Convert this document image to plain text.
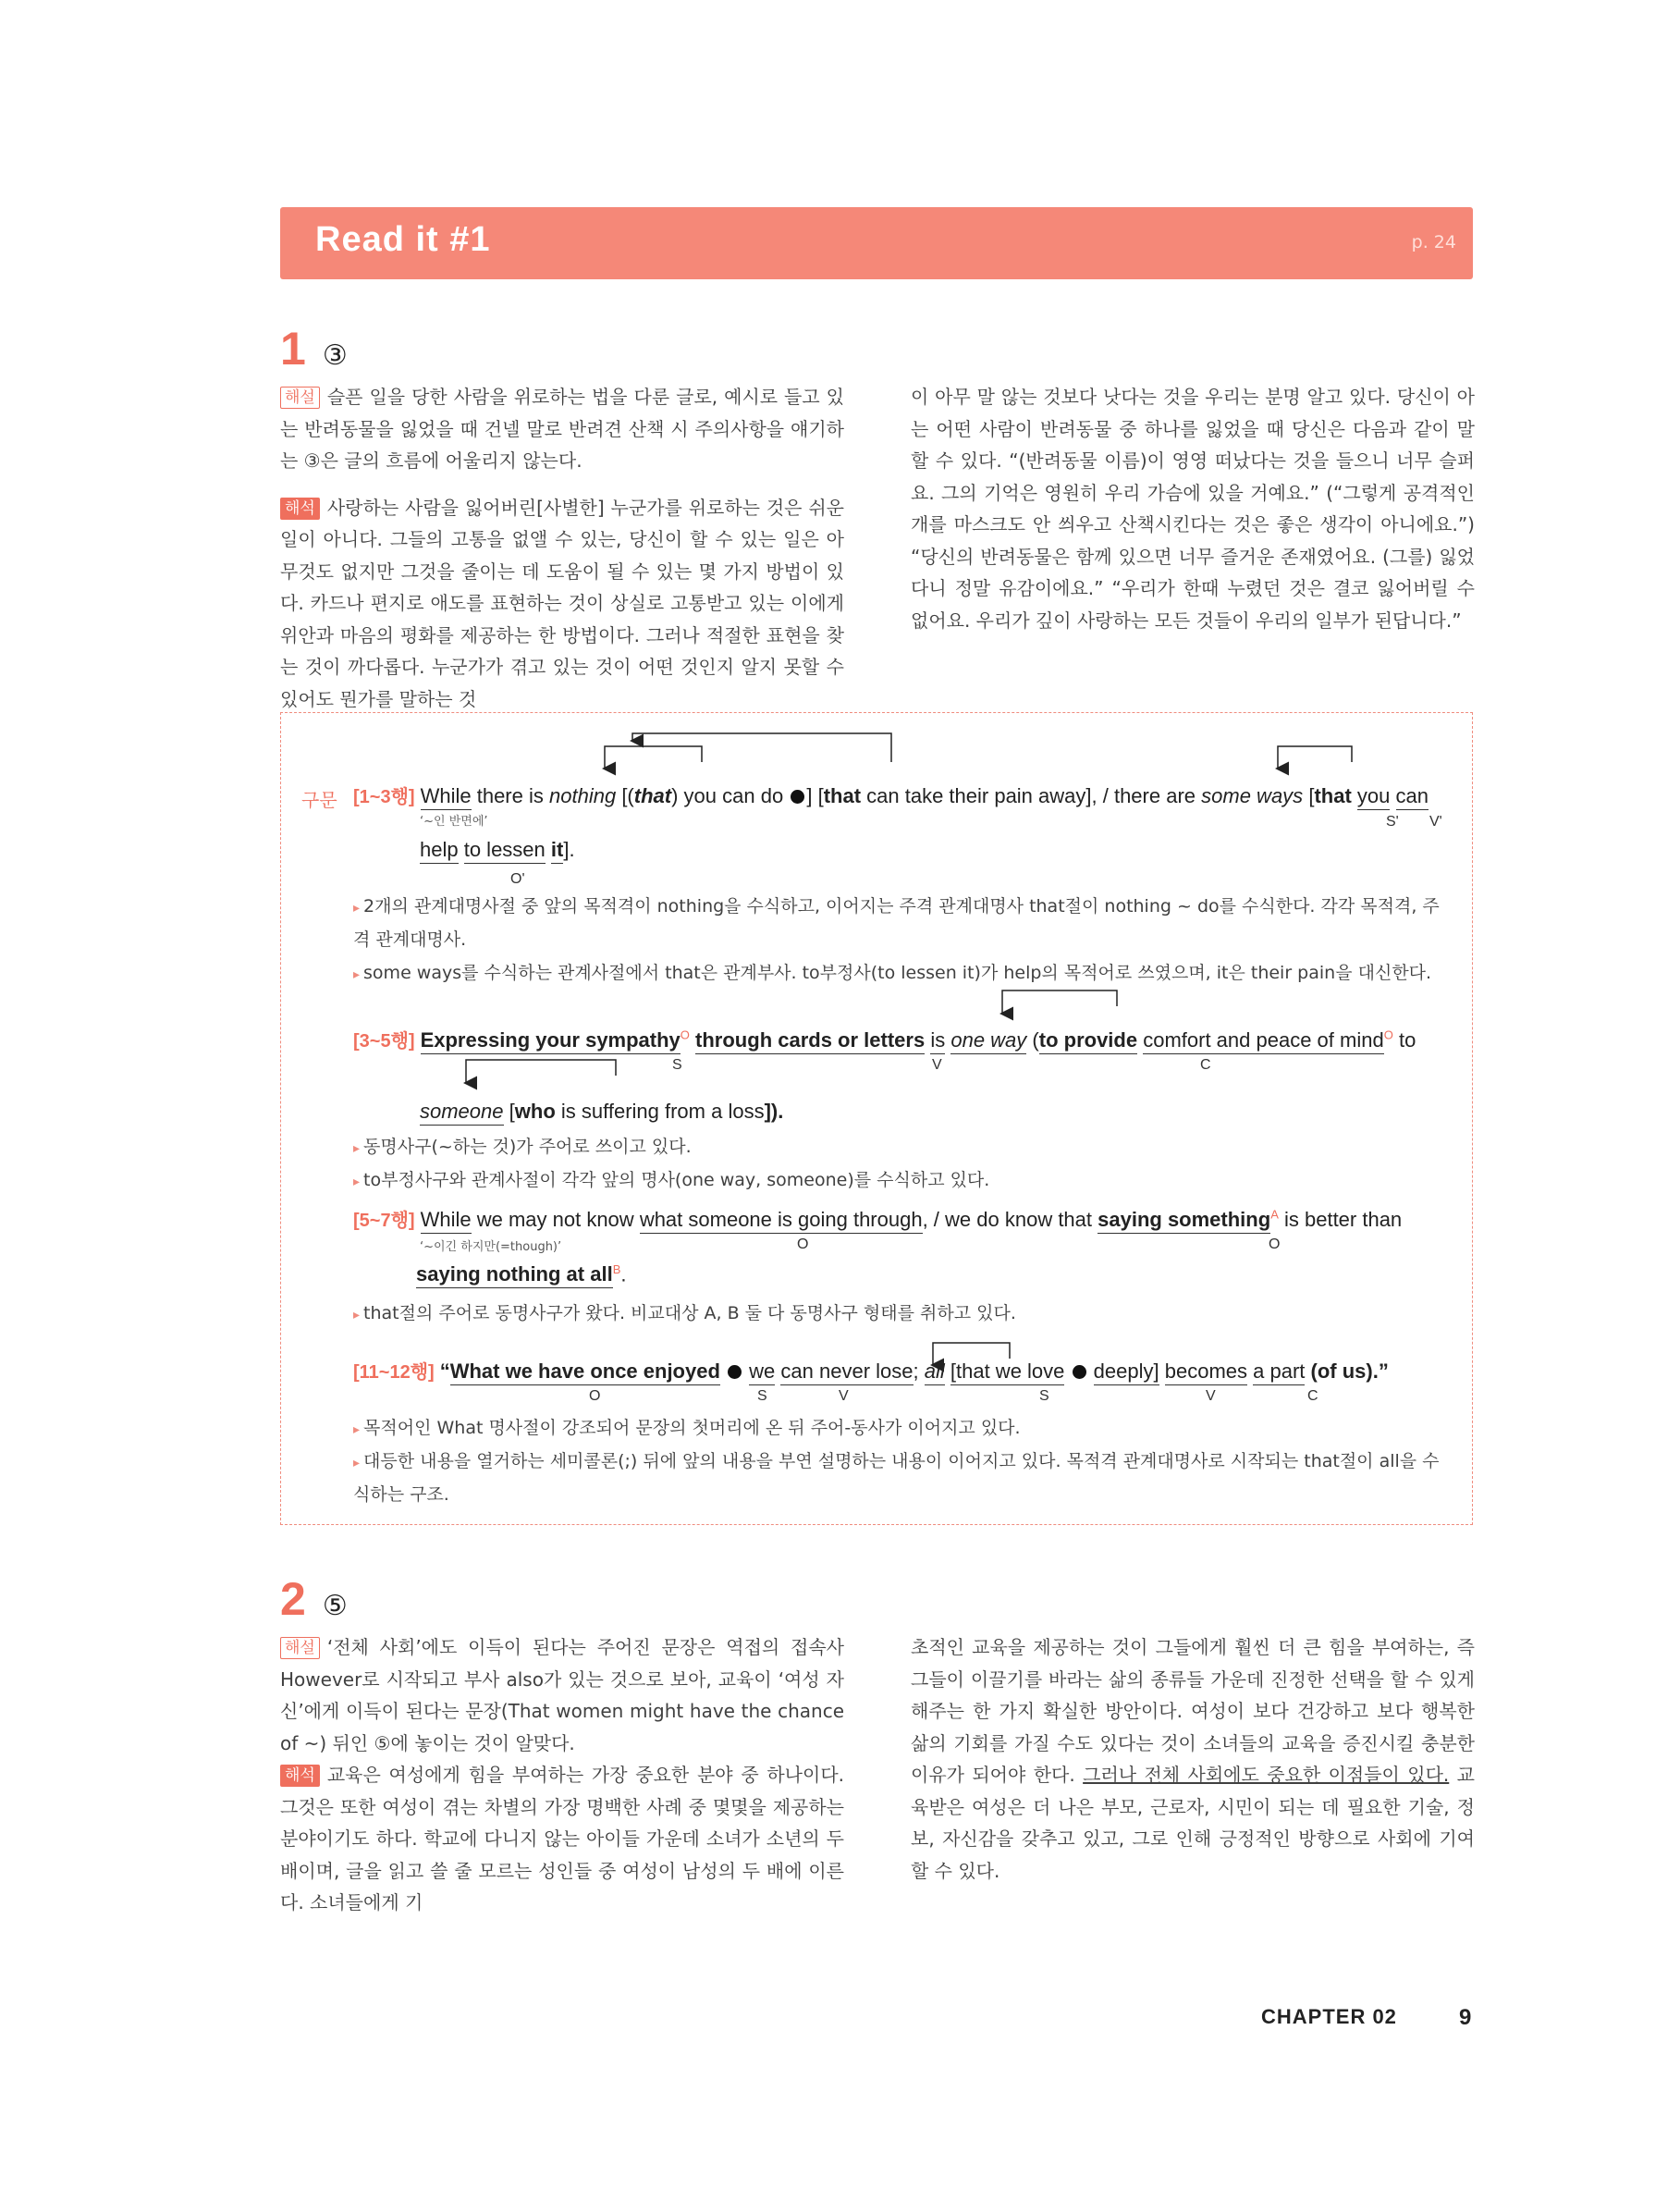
Read it #1	p. 24
1 ③

해설 슬픈 일을 당한 사람을 위로하는 법을 다룬 글로, 예시로 들고 있는 반려동물을 잃었을 때 건넬 말로 반려견 산책 시 주의사항을 얘기하는 ③은 글의 흐름에 어울리지 않는다.

해석 사랑하는 사람을 잃어버린[사별한] 누군가를 위로하는 것은 쉬운 일이 아니다. 그들의 고통을 없앨 수 있는, 당신이 할 수 있는 일은 아무것도 없지만 그것을 줄이는 데 도움이 될 수 있는 몇 가지 방법이 있다. 카드나 편지로 애도를 표현하는 것이 상실로 고통받고 있는 이에게 위안과 마음의 평화를 제공하는 한 방법이다. 그러나 적절한 표현을 찾는 것이 까다롭다. 누군가가 겪고 있는 것이 어떤 것인지 알지 못할 수 있어도 뭔가를 말하는 것

이 아무 말 않는 것보다 낫다는 것을 우리는 분명 알고 있다. 당신이 아는 어떤 사람이 반려동물 중 하나를 잃었을 때 당신은 다음과 같이 말할 수 있다. “(반려동물 이름)이 영영 떠났다는 것을 들으니 너무 슬퍼요. 그의 기억은 영원히 우리 가슴에 있을 거예요.” (“그렇게 공격적인 개를 마스크도 안 씌우고 산책시킨다는 것은 좋은 생각이 아니에요.”) “당신의 반려동물은 함께 있으면 너무 즐거운 존재였어요. (그를) 잃었다니 정말 유감이에요.” “우리가 한때 누렸던 것은 결코 잃어버릴 수 없어요. 우리가 깊이 사랑하는 모든 것들이 우리의 일부가 된답니다.”

구문 [1~3행] While there is nothing [(that) you can do ] [that can take their pain away], / there are some ways [that you can
‘~인 반면에’	S' V'
help to lessen it].
O'
▸ 2개의 관계대명사절 중 앞의 목적격이 nothing을 수식하고, 이어지는 주격 관계대명사 that절이 nothing ~ do를 수식한다. 각각 목적격, 주격 관계대명사.
▸ some ways를 수식하는 관계사절에서 that은 관계부사. to부정사(to lessen it)가 help의 목적어로 쓰였으며, it은 their pain을 대신한다.
[3~5행] Expressing your sympathy$^O$ through cards or letters is one way (to provide comfort and peace of mind$^O$ to
S	V	C
someone [who is suffering from a loss]).
▸ 동명사구(~하는 것)가 주어로 쓰이고 있다.
▸ to부정사구와 관계사절이 각각 앞의 명사(one way, someone)를 수식하고 있다.
[5~7행] While we may not know what someone is going through, / we do know that saying something$^A$ is better than
‘~이긴 하지만(=though)’	O	O
saying nothing at all$^B$.
▸ that절의 주어로 동명사구가 왔다. 비교대상 A, B 둘 다 동명사구 형태를 취하고 있다.
[11~12행] “What we have once enjoyed we can never lose; all [that we love deeply] becomes a part (of us).”
O	S	V	S	V	C
▸ 목적어인 What 명사절이 강조되어 문장의 첫머리에 온 뒤 주어-동사가 이어지고 있다.
▸ 대등한 내용을 열거하는 세미콜론(;) 뒤에 앞의 내용을 부연 설명하는 내용이 이어지고 있다. 목적격 관계대명사로 시작되는 that절이 all을 수식하는 구조.
2 ⑤

해설 ‘전체 사회’에도 이득이 된다는 주어진 문장은 역접의 접속사 However로 시작되고 부사 also가 있는 것으로 보아, 교육이 ‘여성 자신’에게 이득이 된다는 문장(That women might have the chance of ~) 뒤인 ⑤에 놓이는 것이 알맞다.

해석 교육은 여성에게 힘을 부여하는 가장 중요한 분야 중 하나이다. 그것은 또한 여성이 겪는 차별의 가장 명백한 사례 중 몇몇을 제공하는 분야이기도 하다. 학교에 다니지 않는 아이들 가운데 소녀가 소년의 두 배이며, 글을 읽고 쓸 줄 모르는 성인들 중 여성이 남성의 두 배에 이른다. 소녀들에게 기

초적인 교육을 제공하는 것이 그들에게 훨씬 더 큰 힘을 부여하는, 즉 그들이 이끌기를 바라는 삶의 종류들 가운데 진정한 선택을 할 수 있게 해주는 한 가지 확실한 방안이다. 여성이 보다 건강하고 보다 행복한 삶의 기회를 가질 수도 있다는 것이 소녀들의 교육을 증진시킬 충분한 이유가 되어야 한다. 그러나 전체 사회에도 중요한 이점들이 있다. 교육받은 여성은 더 나은 부모, 근로자, 시민이 되는 데 필요한 기술, 정보, 자신감을 갖추고 있고, 그로 인해 긍정적인 방향으로 사회에 기여할 수 있다.

CHAPTER 02	9
